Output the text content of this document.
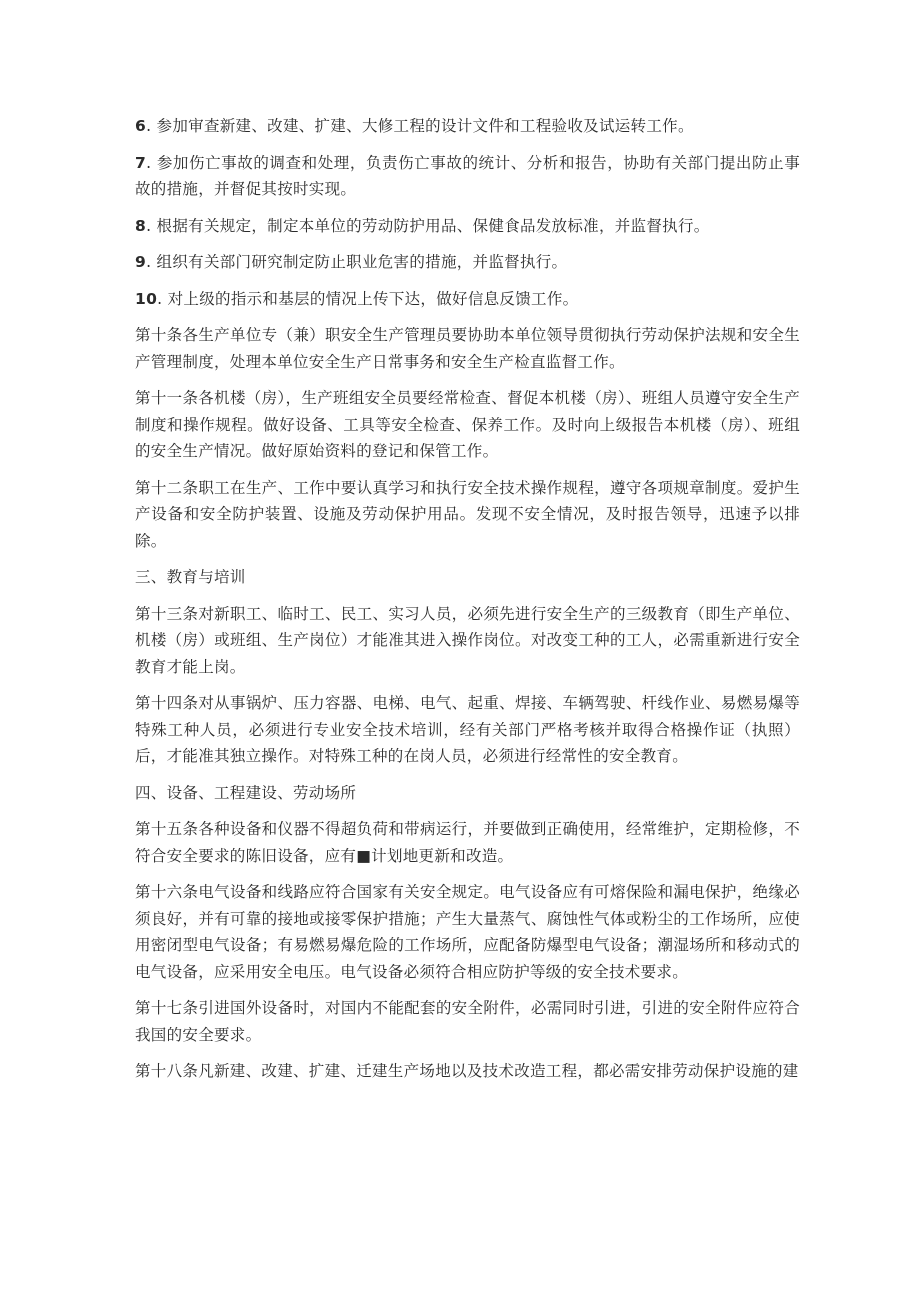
6. 参加审查新建、改建、扩建、大修工程的设计文件和工程验收及试运转工作。

7. 参加伤亡事故的调查和处理，负责伤亡事故的统计、分析和报告，协助有关部门提出防止事故的措施，并督促其按时实现。

8. 根据有关规定，制定本单位的劳动防护用品、保健食品发放标准，并监督执行。

9. 组织有关部门研究制定防止职业危害的措施，并监督执行。

10. 对上级的指示和基层的情况上传下达，做好信息反馈工作。

第十条各生产单位专（兼）职安全生产管理员要协助本单位领导贯彻执行劳动保护法规和安全生产管理制度，处理本单位安全生产日常事务和安全生产检直监督工作。

第十一条各机楼（房），生产班组安全员要经常检查、督促本机楼（房）、班组人员遵守安全生产制度和操作规程。做好设备、工具等安全检查、保养工作。及时向上级报告本机楼（房）、班组的安全生产情况。做好原始资料的登记和保管工作。

第十二条职工在生产、工作中要认真学习和执行安全技术操作规程，遵守各项规章制度。爱护生产设备和安全防护装置、设施及劳动保护用品。发现不安全情况，及时报告领导，迅速予以排除。

三、教育与培训

第十三条对新职工、临时工、民工、实习人员，必须先进行安全生产的三级教育（即生产单位、机楼（房）或班组、生产岗位）才能准其进入操作岗位。对改变工种的工人，必需重新进行安全教育才能上岗。

第十四条对从事锅炉、压力容器、电梯、电气、起重、焊接、车辆驾驶、杆线作业、易燃易爆等特殊工种人员，必须进行专业安全技术培训，经有关部门严格考核并取得合格操作证（执照）后，才能准其独立操作。对特殊工种的在岗人员，必须进行经常性的安全教育。

四、设备、工程建设、劳动场所

第十五条各种设备和仪器不得超负荷和带病运行，并要做到正确使用，经常维护，定期检修，不符合安全要求的陈旧设备，应有■计划地更新和改造。

第十六条电气设备和线路应符合国家有关安全规定。电气设备应有可熔保险和漏电保护，绝缘必须良好，并有可靠的接地或接零保护措施；产生大量蒸气、腐蚀性气体或粉尘的工作场所，应使用密闭型电气设备；有易燃易爆危险的工作场所，应配备防爆型电气设备；潮湿场所和移动式的电气设备，应采用安全电压。电气设备必须符合相应防护等级的安全技术要求。

第十七条引进国外设备时，对国内不能配套的安全附件，必需同时引进，引进的安全附件应符合我国的安全要求。

第十八条凡新建、改建、扩建、迁建生产场地以及技术改造工程，都必需安排劳动保护设施的建
